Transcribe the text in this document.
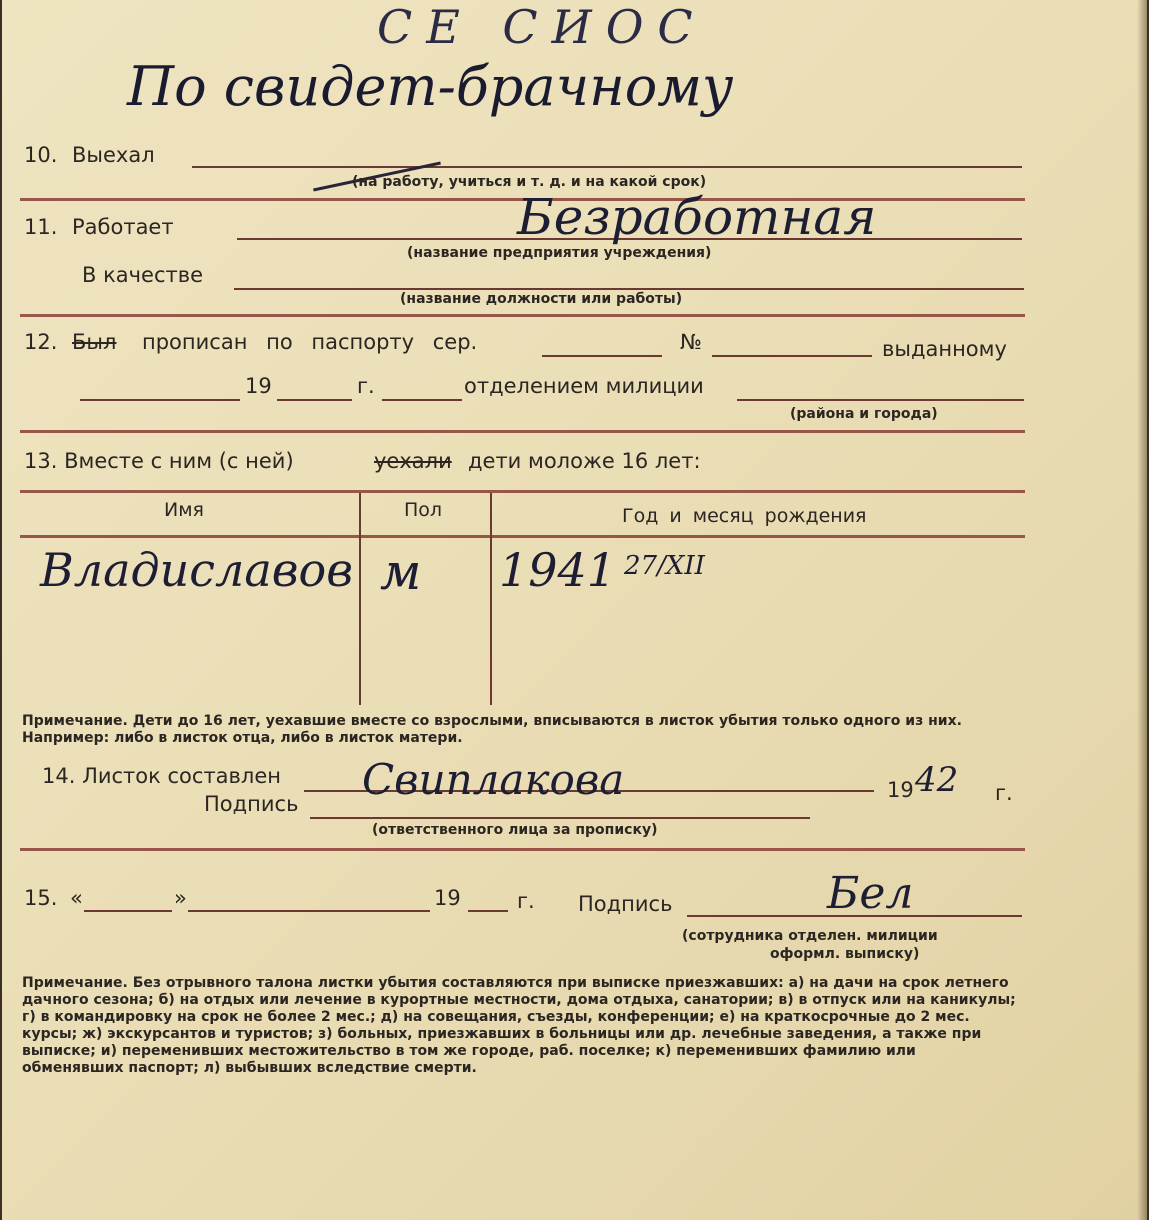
СЕ СИОС
По свидет-брачному
10. Выехал
(на работу, учиться и т. д. и на какой срок)
11. Работает	Безработная
(название предприятия учреждения)
В качестве
(название должности или работы)
12. Был прописан по паспорту сер.	№	выданному
19	г.	отделением милиции
(района и города)
13. Вместе с ним (с ней)	уехали дети моложе 16 лет:
Имя	Пол	Год и месяц рождения
Владиславов м 1941 27/XII
Примечание. Дети до 16 лет, уехавшие вместе со взрослыми, вписываются в листок убытия только одного из них. Например: либо в листок отца, либо в листок матери.
14. Листок составлен Свиплакова	19 42 г.
Подпись
(ответственного лица за прописку)
15. «	»	19	г. Подпись	Бел
(сотрудника отделен. милиции
оформл. выписку)
Примечание. Без отрывного талона листки убытия составляются при выписке приезжавших: а) на дачи на срок летнего дачного сезона; б) на отдых или лечение в курортные местности, дома отдыха, санатории; в) в отпуск или на каникулы; г) в командировку на срок не более 2 мес.; д) на совещания, съезды, конференции; е) на краткосрочные до 2 мес. курсы; ж) экскурсантов и туристов; з) больных, приезжавших в больницы или др. лечебные заведения, а также при выписке; и) переменивших местожительство в том же городе, раб. поселке; к) переменивших фамилию или обменявших паспорт; л) выбывших вследствие смерти.
